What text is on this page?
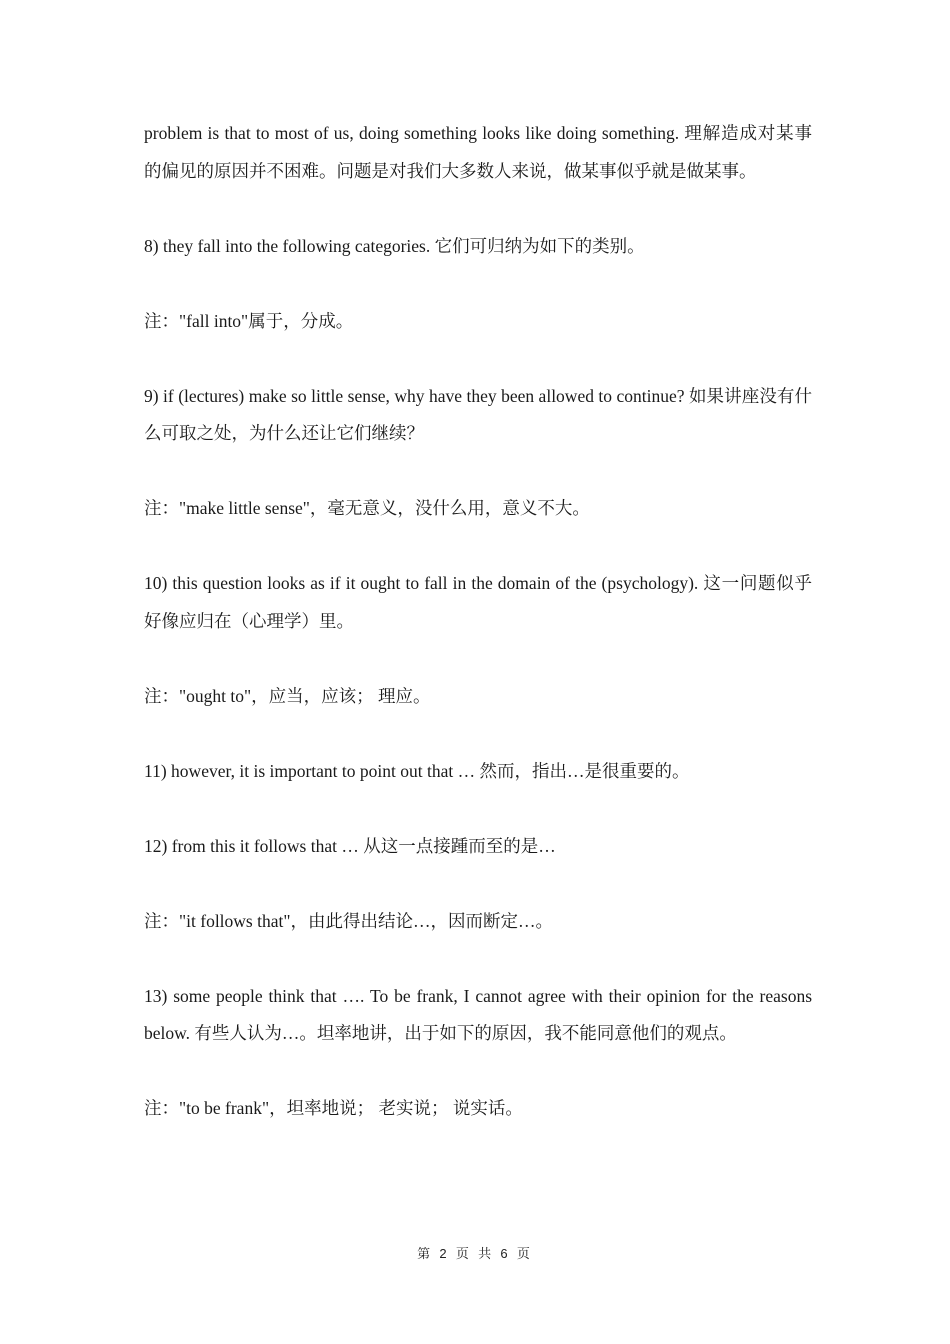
problem is that to most of us, doing something looks like doing something. 理解造成对某事的偏见的原因并不困难。问题是对我们大多数人来说，做某事似乎就是做某事。

8) they fall into the following categories. 它们可归纳为如下的类别。

注："fall into"属于，分成。

9) if (lectures) make so little sense, why have they been allowed to continue? 如果讲座没有什么可取之处，为什么还让它们继续？

注："make little sense"，毫无意义，没什么用，意义不大。

10) this question looks as if it ought to fall in the domain of the (psychology). 这一问题似乎好像应归在（心理学）里。

注："ought to"，应当，应该； 理应。

11) however, it is important to point out that … 然而，指出…是很重要的。

12) from this it follows that … 从这一点接踵而至的是…

注："it follows that"，由此得出结论…，因而断定…。

13) some people think that …. To be frank, I cannot agree with their opinion for the reasons below. 有些人认为…。坦率地讲，出于如下的原因，我不能同意他们的观点。

注："to be frank"，坦率地说； 老实说； 说实话。

第 2 页 共 6 页
